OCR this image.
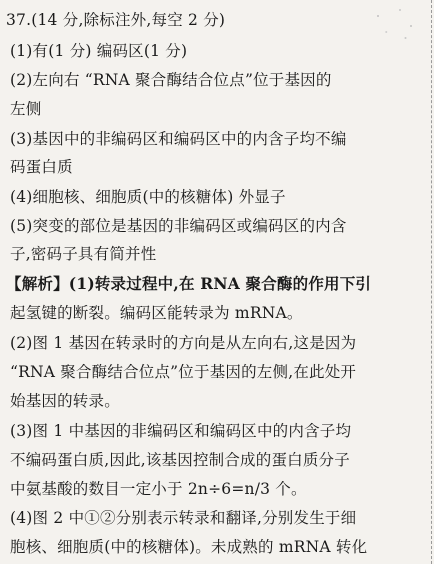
37.(14 分,除标注外,每空 2 分)
(1)有(1 分) 编码区(1 分)
(2)左向右 “RNA 聚合酶结合位点”位于基因的
左侧
(3)基因中的非编码区和编码区中的内含子均不编
码蛋白质
(4)细胞核、细胞质(中的核糖体) 外显子
(5)突变的部位是基因的非编码区或编码区的内含
子,密码子具有简并性
【解析】(1)转录过程中,在 RNA 聚合酶的作用下引
起氢键的断裂。编码区能转录为 mRNA。
(2)图 1 基因在转录时的方向是从左向右,这是因为
“RNA 聚合酶结合位点”位于基因的左侧,在此处开
始基因的转录。
(3)图 1 中基因的非编码区和编码区中的内含子均
不编码蛋白质,因此,该基因控制合成的蛋白质分子
中氨基酸的数目一定小于 2n÷6=n/3 个。
(4)图 2 中①②分别表示转录和翻译,分别发生于细
胞核、细胞质(中的核糖体)。未成熟的 mRNA 转化
